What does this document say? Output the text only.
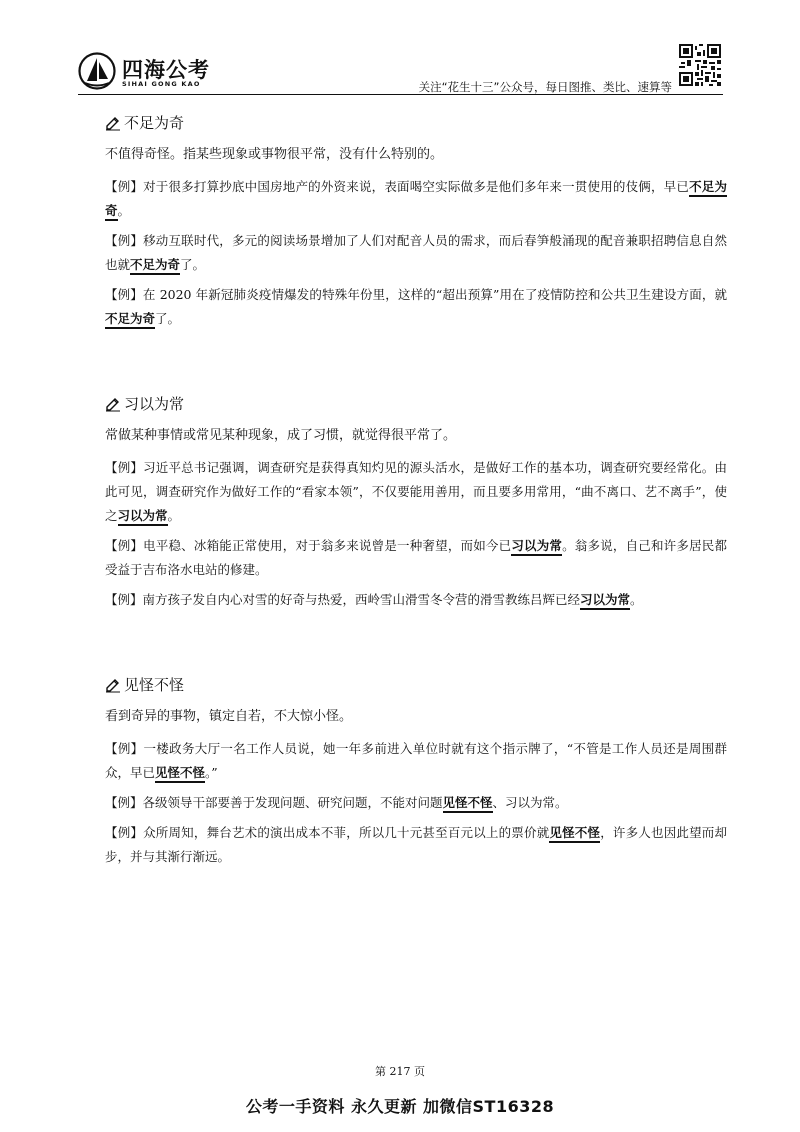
四海公考
SIHAI GONG KAO	关注“花生十三”公众号，每日图推、类比、速算等
不足为奇

不值得奇怪。指某些现象或事物很平常，没有什么特别的。

【例】对于很多打算抄底中国房地产的外资来说，表面喝空实际做多是他们多年来一贯使用的伎俩，早已不足为奇。

【例】移动互联时代，多元的阅读场景增加了人们对配音人员的需求，而后春笋般涌现的配音兼职招聘信息自然也就不足为奇了。

【例】在 2020 年新冠肺炎疫情爆发的特殊年份里，这样的“超出预算”用在了疫情防控和公共卫生建设方面，就不足为奇了。

习以为常

常做某种事情或常见某种现象，成了习惯，就觉得很平常了。

【例】习近平总书记强调，调查研究是获得真知灼见的源头活水，是做好工作的基本功，调查研究要经常化。由此可见，调查研究作为做好工作的“看家本领”，不仅要能用善用，而且要多用常用，“曲不离口、艺不离手”，使之习以为常。

【例】电平稳、冰箱能正常使用，对于翁多来说曾是一种奢望，而如今已习以为常。翁多说，自己和许多居民都受益于吉布洛水电站的修建。

【例】南方孩子发自内心对雪的好奇与热爱，西岭雪山滑雪冬令营的滑雪教练吕辉已经习以为常。

见怪不怪

看到奇异的事物，镇定自若，不大惊小怪。

【例】一楼政务大厅一名工作人员说，她一年多前进入单位时就有这个指示牌了，“不管是工作人员还是周围群众，早已见怪不怪。”

【例】各级领导干部要善于发现问题、研究问题，不能对问题见怪不怪、习以为常。

【例】众所周知，舞台艺术的演出成本不菲，所以几十元甚至百元以上的票价就见怪不怪，许多人也因此望而却步，并与其渐行渐远。

第 217 页
公考一手资料 永久更新 加微信ST16328
